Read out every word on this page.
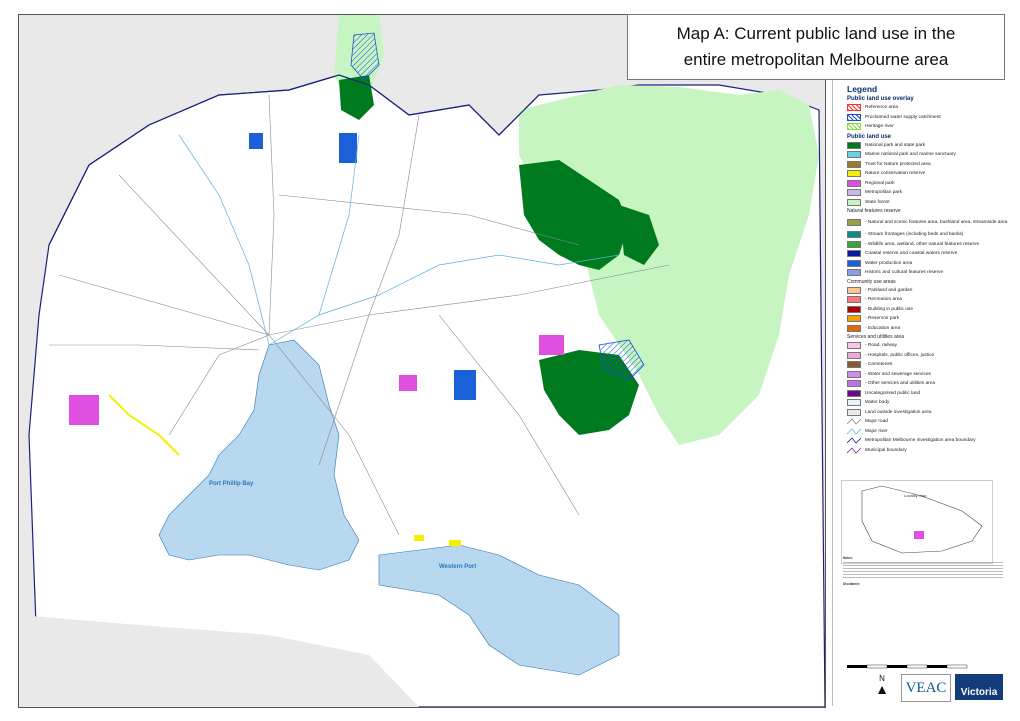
Port Phillip Bay
Western Port
Map A: Current public land use in the
entire metropolitan Melbourne area
Legend
Public land use overlay
Reference area
Proclaimed water supply catchment
Heritage river
Public land use
National park and state park
Marine national park and marine sanctuary
Trust for Nature protected area
Nature conservation reserve
Regional park
Metropolitan park
State forest
Natural features reserve
- Natural and scenic features area, bushland area, streamside area
- Stream frontages (including beds and banks)
- Wildlife area, wetland, other natural features reserve
Coastal reserve and coastal waters reserve
Water production area
Historic and cultural features reserve
Community use areas
- Parkland and garden
- Recreation area
- Building in public use
- Reservoir park
- Education area
Services and utilities area
- Road, railway
- Hospitals, public offices, justice
- Cemeteries
- Water and sewerage services
- Other services and utilities area
Uncategorised public land
Water body
Land outside investigation area
Major road
Major river
Metropolitan Melbourne investigation area boundary
Municipal boundary
Locality map
Notes:
Disclaimer:
N
▲	VEAC	Victoria
